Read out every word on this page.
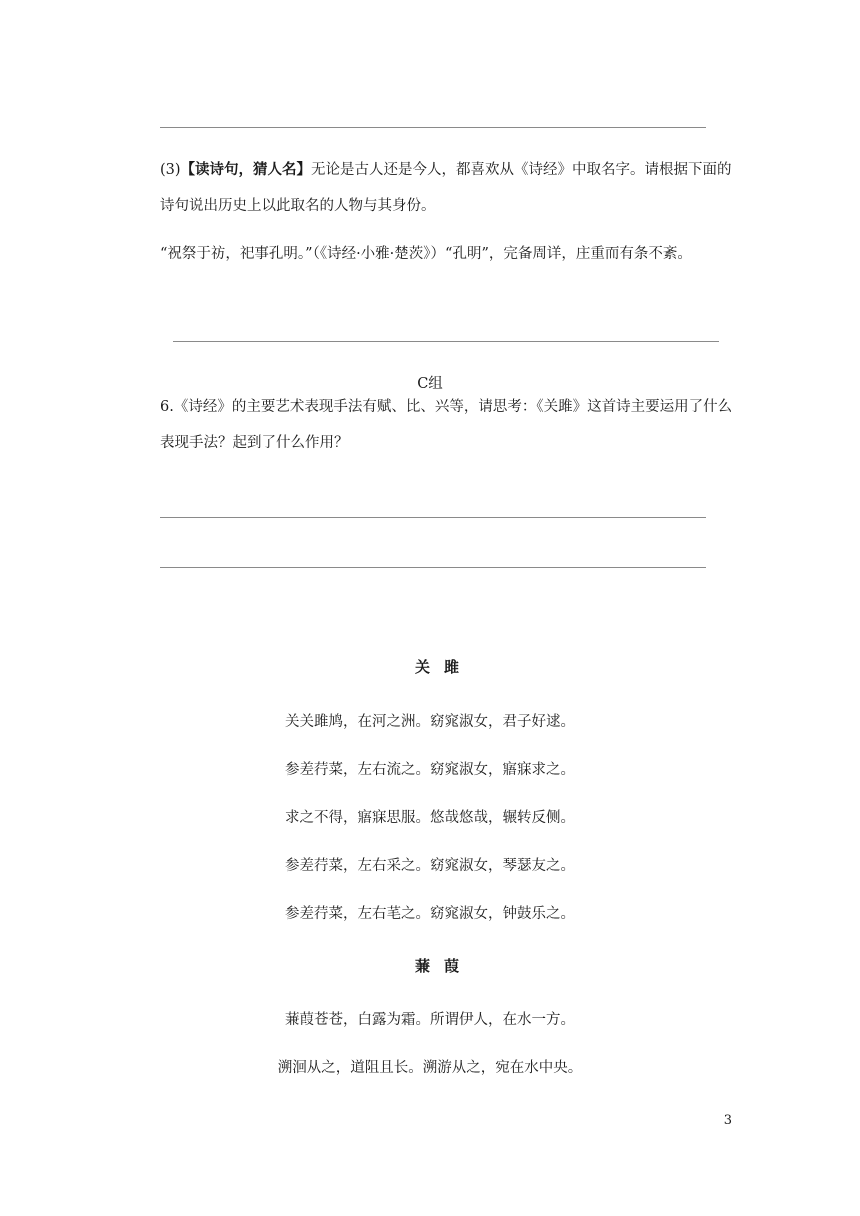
(3)【读诗句，猜人名】无论是古人还是今人，都喜欢从《诗经》中取名字。请根据下面的诗句说出历史上以此取名的人物与其身份。
“祝祭于祊，祀事孔明。”（《诗经·小雅·楚茨》）“孔明”，完备周详，庄重而有条不紊。
C组
6.《诗经》的主要艺术表现手法有赋、比、兴等，请思考：《关雎》这首诗主要运用了什么表现手法？起到了什么作用？
关雎
关关雎鸠，在河之洲。窈窕淑女，君子好逑。
参差荇菜，左右流之。窈窕淑女，寤寐求之。
求之不得，寤寐思服。悠哉悠哉，辗转反侧。
参差荇菜，左右采之。窈窕淑女，琴瑟友之。
参差荇菜，左右芼之。窈窕淑女，钟鼓乐之。
蒹葭
蒹葭苍苍，白露为霜。所谓伊人，在水一方。
溯洄从之，道阻且长。溯游从之，宛在水中央。
3
